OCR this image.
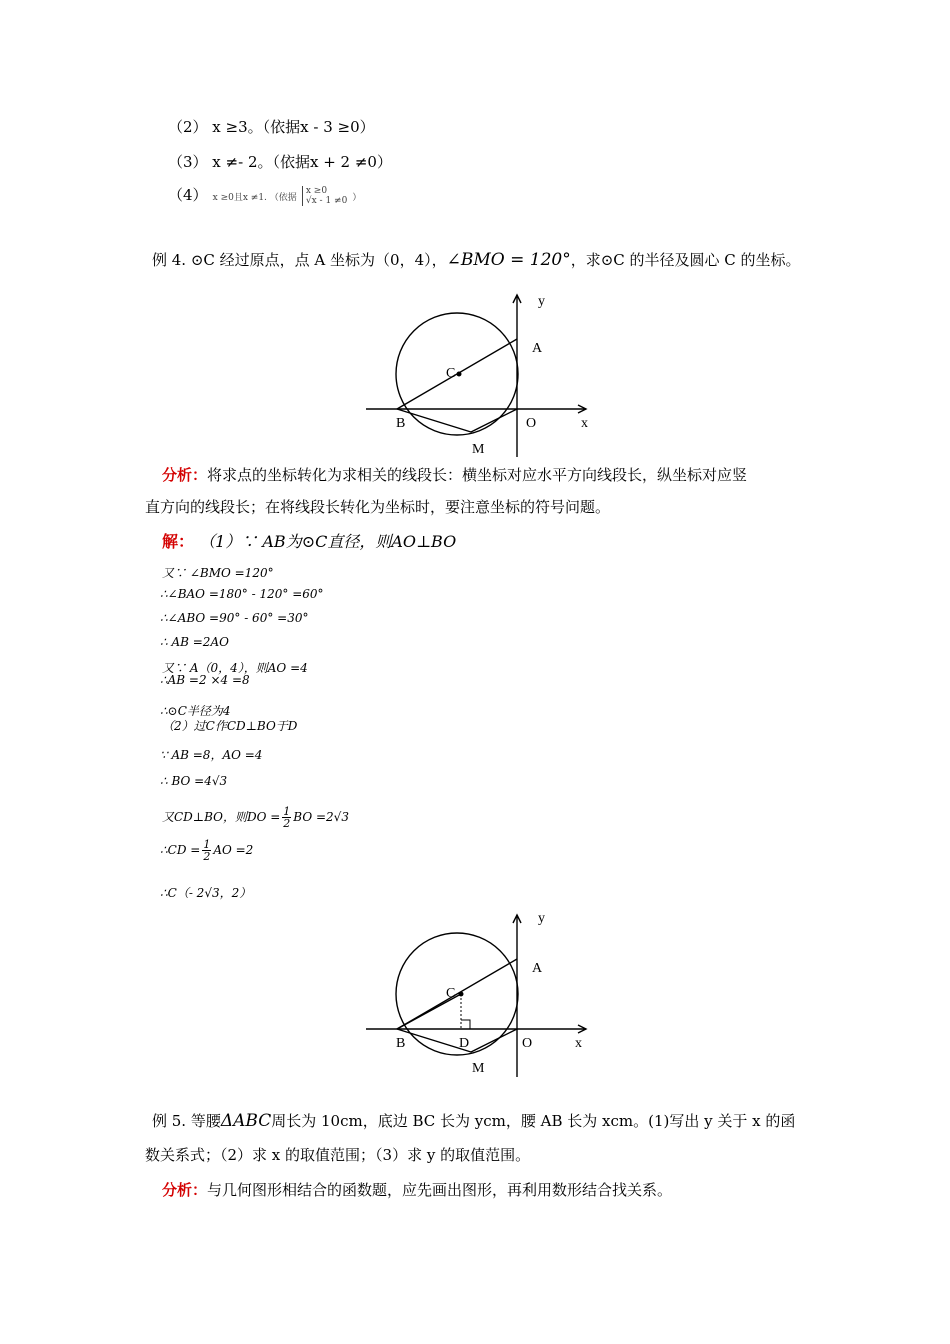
（2） x ≥3。（依据x - 3 ≥0）
（3） x ≠- 2。（依据x + 2 ≠0）
（4） x ≥0且x ≠1. （依据
x ≥0
√x - 1 ≠0 ）
例 4. ⊙C 经过原点，点 A 坐标为（0，4），∠BMO = 120°，求⊙C 的半径及圆心 C 的坐标。
y
A
C
B	O	x
M
分析：将求点的坐标转化为求相关的线段长：横坐标对应水平方向线段长，纵坐标对应竖
直方向的线段长；在将线段长转化为坐标时，要注意坐标的符号问题。
解： （1）∵ AB为⊙C直径，则AO⊥BO
又∵ ∠BMO =120°
∴∠BAO =180° - 120° =60°
∴∠ABO =90° - 60° =30°
∴ AB =2AO
又∵ A（0，4），则AO =4
∴AB =2 ×4 =8
∴⊙C半径为4
（2）过C作CD⊥BO于D
∵ AB =8，AO =4
∴ BO =4√3
又CD⊥BO，则DO = $\frac{1}{2}$ BO =2√3
∴CD = $\frac{1}{2}$ AO =2
∴C（- 2√3，2）
y
A
C
B	D	O	x
M
例 5. 等腰ΔABC周长为 10cm，底边 BC 长为 ycm，腰 AB 长为 xcm。(1)写出 y 关于 x 的函
数关系式；（2）求 x 的取值范围；（3）求 y 的取值范围。
分析：与几何图形相结合的函数题，应先画出图形，再利用数形结合找关系。
